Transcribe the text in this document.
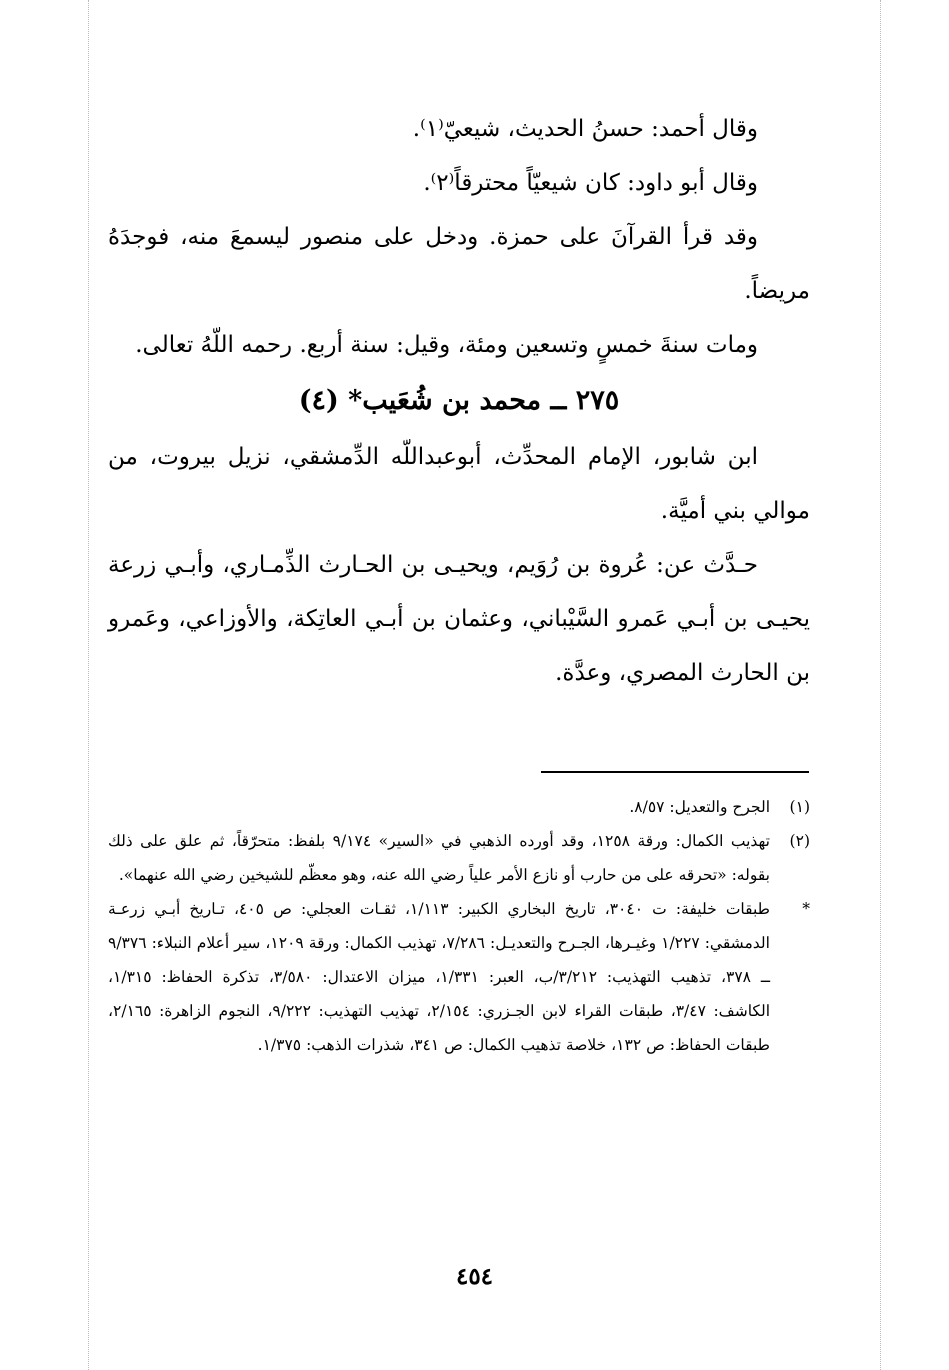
وقال أحمد: حسنُ الحديث، شيعيّ⁽١⁾.

وقال أبو داود: كان شيعيّاً محترقاً⁽٢⁾.

وقد قرأ القرآنَ على حمزة. ودخل على منصور ليسمعَ منه، فوجدَهُ مريضاً.

ومات سنةَ خمسٍ وتسعين ومئة، وقيل: سنة أربع. رحمه اللّهُ تعالى.

٢٧٥ ــ محمد بن شُعَيب* (٤)

ابن شابور، الإمام المحدِّث، أبوعبداللّه الدِّمشقي، نزيل بيروت، من موالي بني أميَّة.

حـدَّث عن: عُروة بن رُوَيم، ويحيـى بن الحـارث الذِّمـاري، وأبـي زرعة يحيـى بن أبـي عَمرو السَّيْباني، وعثمان بن أبـي العاتِكة، والأوزاعي، وعَمرو بن الحارث المصري، وعدَّة.

(١)
الجرح والتعديل: ٨/٥٧.

(٢)
تهذيب الكمال: ورقة ١٢٥٨، وقد أورده الذهبي في «السير» ٩/١٧٤ بلفظ: متحرّقاً، ثم علق على ذلك بقوله: «تحرقه على من حارب أو نازع الأمر علياً رضي الله عنه، وهو معظّم للشيخين رضي الله عنهما».

*
طبقات خليفة: ت ٣٠٤٠، تاريخ البخاري الكبير: ١/١١٣، ثقـات العجلي: ص ٤٠٥، تـاريخ أبـي زرعـة الدمشقي: ١/٢٢٧ وغيـرها، الجـرح والتعديـل: ٧/٢٨٦، تهذيب الكمال: ورقة ١٢٠٩، سير أعلام النبلاء: ٩/٣٧٦ ــ ٣٧٨، تذهيب التهذيب: ٣/٢١٢/ب، العبر: ١/٣٣١، ميزان الاعتدال: ٣/٥٨٠، تذكرة الحفاظ: ١/٣١٥، الكاشف: ٣/٤٧، طبقات القراء لابن الجـزري: ٢/١٥٤، تهذيب التهذيب: ٩/٢٢٢، النجوم الزاهرة: ٢/١٦٥، طبقات الحفاظ: ص ١٣٢، خلاصة تذهيب الكمال: ص ٣٤١، شذرات الذهب: ١/٣٧٥.

٤٥٤
